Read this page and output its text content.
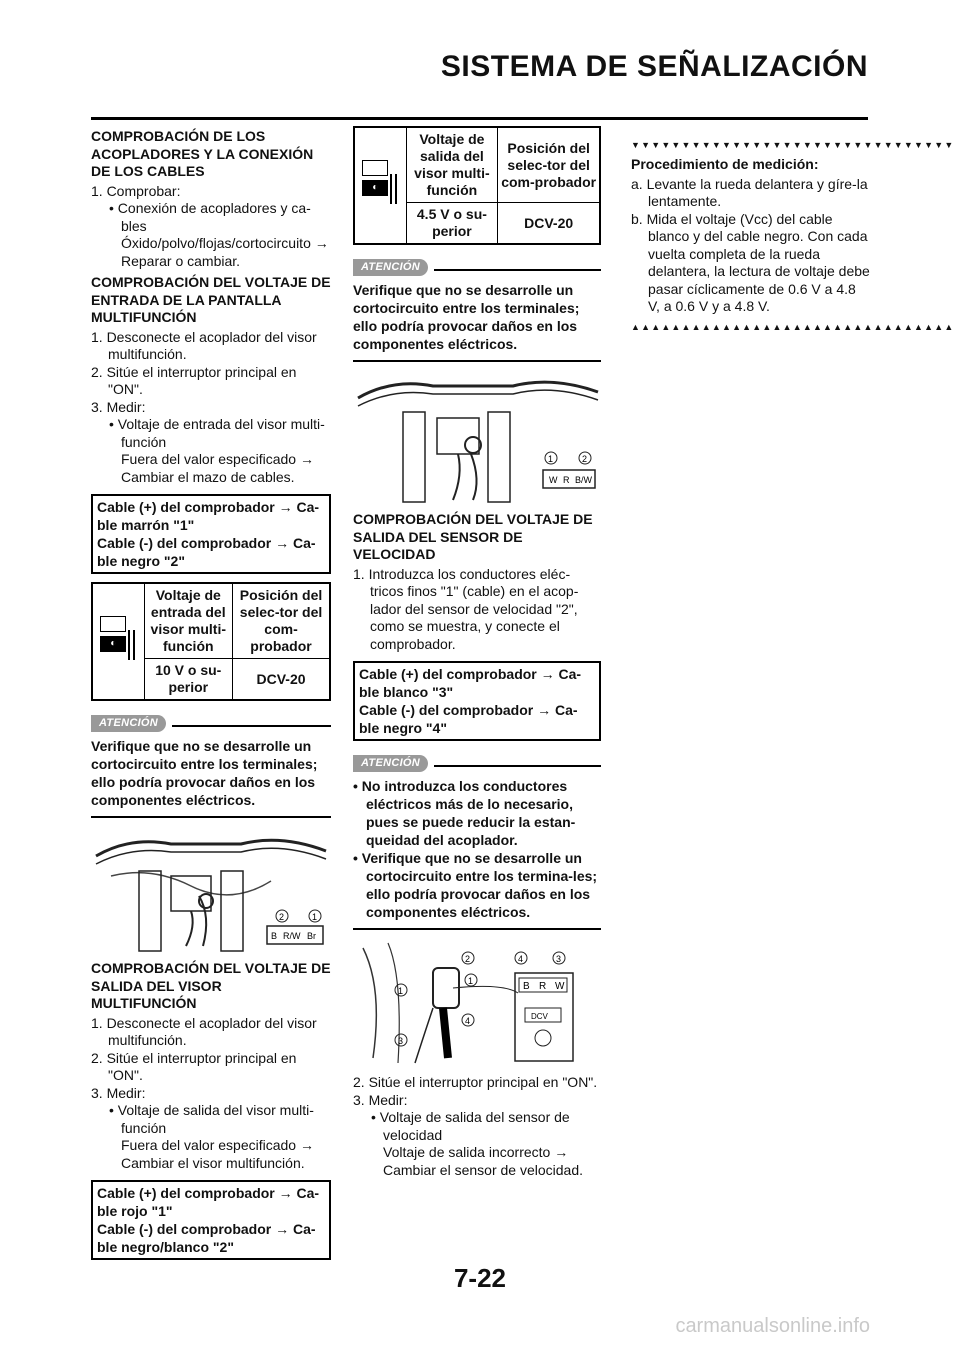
SISTEMA DE SEÑALIZACIÓN
COMPROBACIÓN DE LOS ACOPLADORES Y LA CONEXIÓN DE LOS CABLES
1. Comprobar:
• Conexión de acopladores y ca-bles
Óxido/polvo/flojas/cortocircuito →
Reparar o cambiar.
COMPROBACIÓN DEL VOLTAJE DE ENTRADA DE LA PANTALLA MULTIFUNCIÓN
1. Desconecte el acoplador del visor multifunción.
2. Sitúe el interruptor principal en "ON".
3. Medir:
• Voltaje de entrada del visor multi-función
Fuera del valor especificado →
Cambiar el mazo de cables.
Cable (+) del comprobador → Ca-ble marrón "1"
Cable (-) del comprobador → Ca-ble negro "2"
◐	Voltaje de entrada del visor multi-función	Posición del selec-tor del com-probador
	10 V o su-perior	DCV-20
ATENCIÓN
Verifique que no se desarrolle un cortocircuito entre los terminales; ello podría provocar daños en los componentes eléctricos.
B R/W Br
2	1
COMPROBACIÓN DEL VOLTAJE DE SALIDA DEL VISOR MULTIFUNCIÓN
1. Desconecte el acoplador del visor multifunción.
2. Sitúe el interruptor principal en "ON".
3. Medir:
• Voltaje de salida del visor multi-función
Fuera del valor especificado →
Cambiar el visor multifunción.
Cable (+) del comprobador → Ca-ble rojo "1"
Cable (-) del comprobador → Ca-ble negro/blanco "2"
◐	Voltaje de salida del visor multi-función	Posición del selec-tor del com-probador
	4.5 V o su-perior	DCV-20
ATENCIÓN
Verifique que no se desarrolle un cortocircuito entre los terminales; ello podría provocar daños en los componentes eléctricos.
W R B/W
1	2
COMPROBACIÓN DEL VOLTAJE DE SALIDA DEL SENSOR DE VELOCIDAD
1. Introduzca los conductores eléc-tricos finos "1" (cable) en el acop-lador del sensor de velocidad "2", como se muestra, y conecte el comprobador.
Cable (+) del comprobador → Ca-ble blanco "3"
Cable (-) del comprobador → Ca-ble negro "4"
ATENCIÓN
• No introduzca los conductores eléctricos más de lo necesario, pues se puede reducir la estan-queidad del acoplador.
• Verifique que no se desarrolle un cortocircuito entre los termina-les; ello podría provocar daños en los componentes eléctricos.
B R W
DCV
4	3
2
1
1
4
3
2. Sitúe el interruptor principal en "ON".
3. Medir:
• Voltaje de salida del sensor de velocidad
Voltaje de salida incorrecto →
Cambiar el sensor de velocidad.
▼▼▼▼▼▼▼▼▼▼▼▼▼▼▼▼▼▼▼▼▼▼▼▼▼▼▼▼▼▼▼▼
Procedimiento de medición:
a. Levante la rueda delantera y gíre-la lentamente.
b. Mida el voltaje (Vcc) del cable blanco y del cable negro. Con cada vuelta completa de la rueda delantera, la lectura de voltaje debe pasar cíclicamente de 0.6 V a 4.8 V, a 0.6 V y a 4.8 V.
▲▲▲▲▲▲▲▲▲▲▲▲▲▲▲▲▲▲▲▲▲▲▲▲▲▲▲▲▲▲▲▲
7-22
carmanualsonline.info
